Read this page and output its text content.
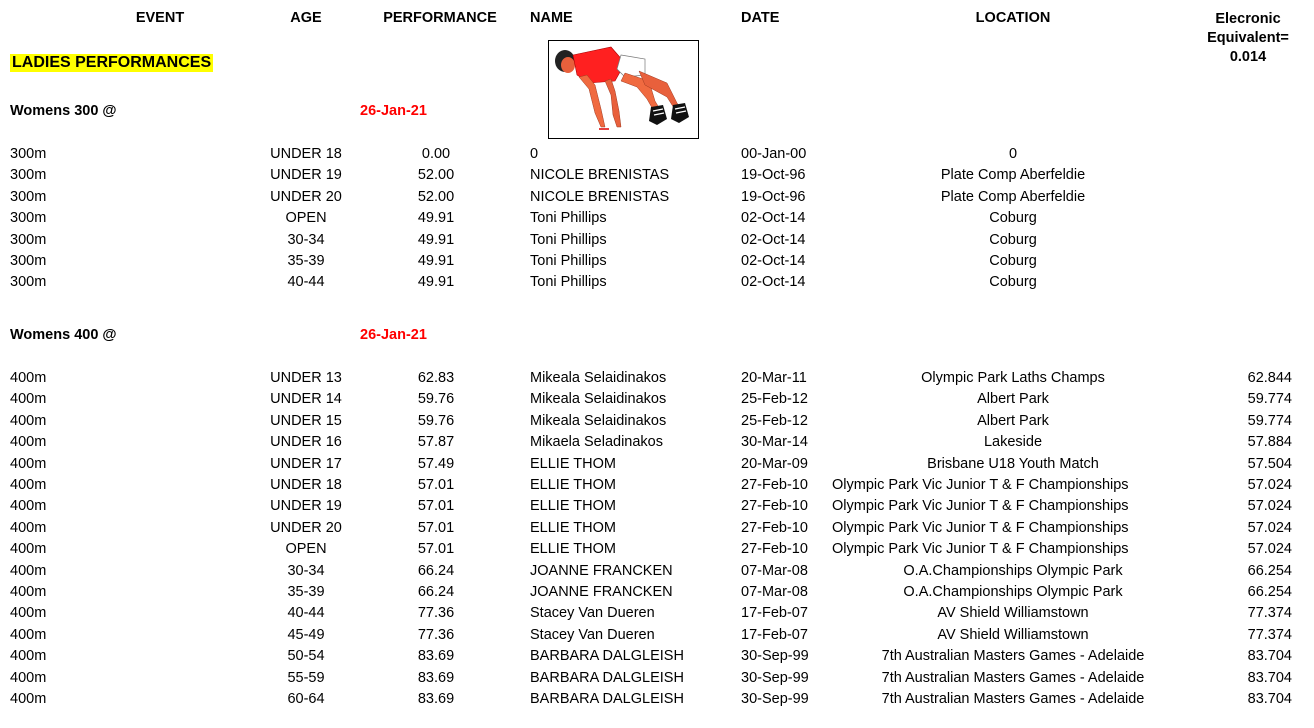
EVENT	AGE	PERFORMANCE NAME	DATE	LOCATION	Elecronic
Equivalent=
0.014
LADIES PERFORMANCES
Womens 300 @	26-Jan-21
300m	UNDER 18	0.00	0	00-Jan-00	0
300m	UNDER 19	52.00	NICOLE BRENISTAS	19-Oct-96	Plate Comp Aberfeldie
300m	UNDER 20	52.00	NICOLE BRENISTAS	19-Oct-96	Plate Comp Aberfeldie
300m	OPEN	49.91	Toni Phillips	02-Oct-14	Coburg
300m	30-34	49.91	Toni Phillips	02-Oct-14	Coburg
300m	35-39	49.91	Toni Phillips	02-Oct-14	Coburg
300m	40-44	49.91	Toni Phillips	02-Oct-14	Coburg
Womens 400 @	26-Jan-21
400m	UNDER 13	62.83	Mikeala Selaidinakos	20-Mar-11	Olympic Park Laths Champs	62.844
400m	UNDER 14	59.76	Mikeala Selaidinakos	25-Feb-12	Albert Park	59.774
400m	UNDER 15	59.76	Mikeala Selaidinakos	25-Feb-12	Albert Park	59.774
400m	UNDER 16	57.87	Mikaela Seladinakos	30-Mar-14	Lakeside	57.884
400m	UNDER 17	57.49	ELLIE THOM	20-Mar-09	Brisbane U18 Youth Match	57.504
400m	UNDER 18	57.01	ELLIE THOM	27-Feb-10 Olympic Park Vic Junior T & F Championships	57.024
400m	UNDER 19	57.01	ELLIE THOM	27-Feb-10 Olympic Park Vic Junior T & F Championships	57.024
400m	UNDER 20	57.01	ELLIE THOM	27-Feb-10 Olympic Park Vic Junior T & F Championships	57.024
400m	OPEN	57.01	ELLIE THOM	27-Feb-10 Olympic Park Vic Junior T & F Championships	57.024
400m	30-34	66.24	JOANNE FRANCKEN	07-Mar-08	O.A.Championships Olympic Park	66.254
400m	35-39	66.24	JOANNE FRANCKEN	07-Mar-08	O.A.Championships Olympic Park	66.254
400m	40-44	77.36	Stacey Van Dueren	17-Feb-07	AV Shield Williamstown	77.374
400m	45-49	77.36	Stacey Van Dueren	17-Feb-07	AV Shield Williamstown	77.374
400m	50-54	83.69	BARBARA DALGLEISH	30-Sep-99	7th Australian Masters Games - Adelaide	83.704
400m	55-59	83.69	BARBARA DALGLEISH	30-Sep-99	7th Australian Masters Games - Adelaide	83.704
400m	60-64	83.69	BARBARA DALGLEISH	30-Sep-99	7th Australian Masters Games - Adelaide	83.704
